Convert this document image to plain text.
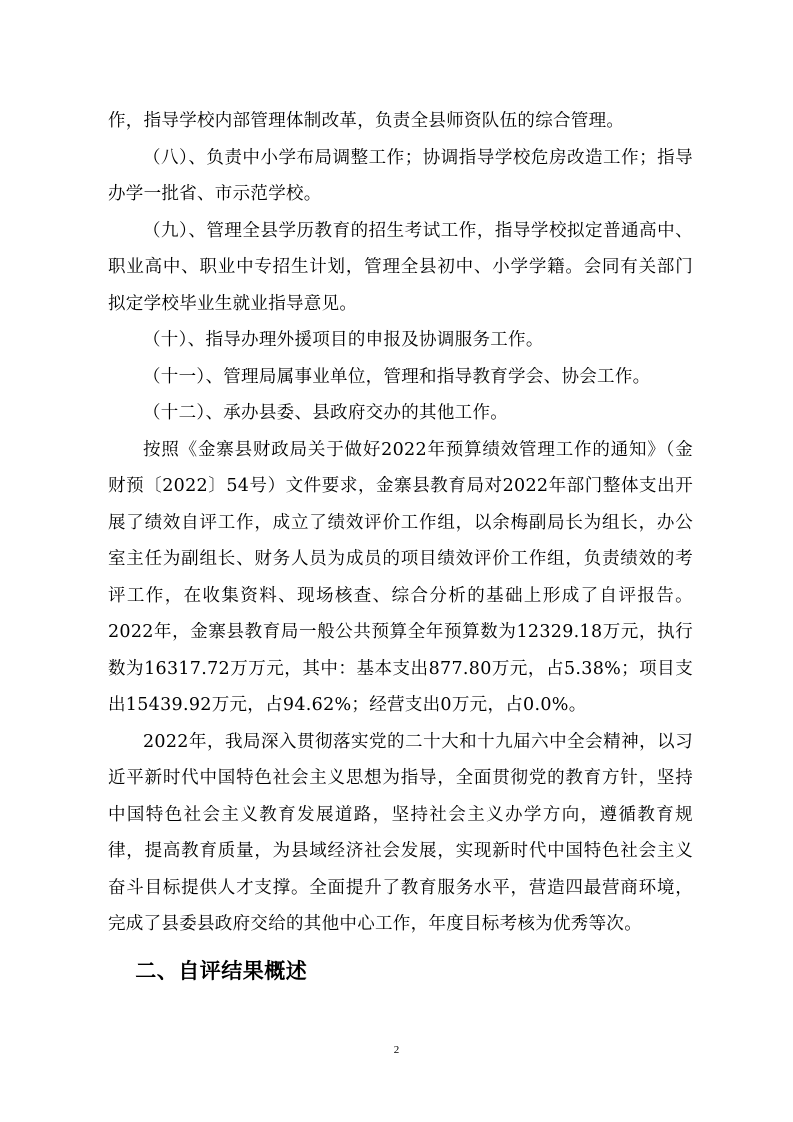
作，指导学校内部管理体制改革，负责全县师资队伍的综合管理。

（八）、负责中小学布局调整工作；协调指导学校危房改造工作；指导办学一批省、市示范学校。

（九）、管理全县学历教育的招生考试工作，指导学校拟定普通高中、职业高中、职业中专招生计划，管理全县初中、小学学籍。会同有关部门拟定学校毕业生就业指导意见。

（十）、指导办理外援项目的申报及协调服务工作。

（十一）、管理局属事业单位，管理和指导教育学会、协会工作。

（十二）、承办县委、县政府交办的其他工作。

按照《金寨县财政局关于做好2022年预算绩效管理工作的通知》（金财预〔2022〕54号）文件要求，金寨县教育局对2022年部门整体支出开展了绩效自评工作，成立了绩效评价工作组，以余梅副局长为组长，办公室主任为副组长、财务人员为成员的项目绩效评价工作组，负责绩效的考评工作，在收集资料、现场核查、综合分析的基础上形成了自评报告。2022年，金寨县教育局一般公共预算全年预算数为12329.18万元，执行数为16317.72万万元，其中：基本支出877.80万元，占5.38%；项目支出15439.92万元，占94.62%；经营支出0万元，占0.0%。

2022年，我局深入贯彻落实党的二十大和十九届六中全会精神，以习近平新时代中国特色社会主义思想为指导，全面贯彻党的教育方针，坚持中国特色社会主义教育发展道路，坚持社会主义办学方向，遵循教育规律，提高教育质量，为县域经济社会发展，实现新时代中国特色社会主义奋斗目标提供人才支撑。全面提升了教育服务水平，营造四最营商环境，完成了县委县政府交给的其他中心工作，年度目标考核为优秀等次。

二、自评结果概述
2
